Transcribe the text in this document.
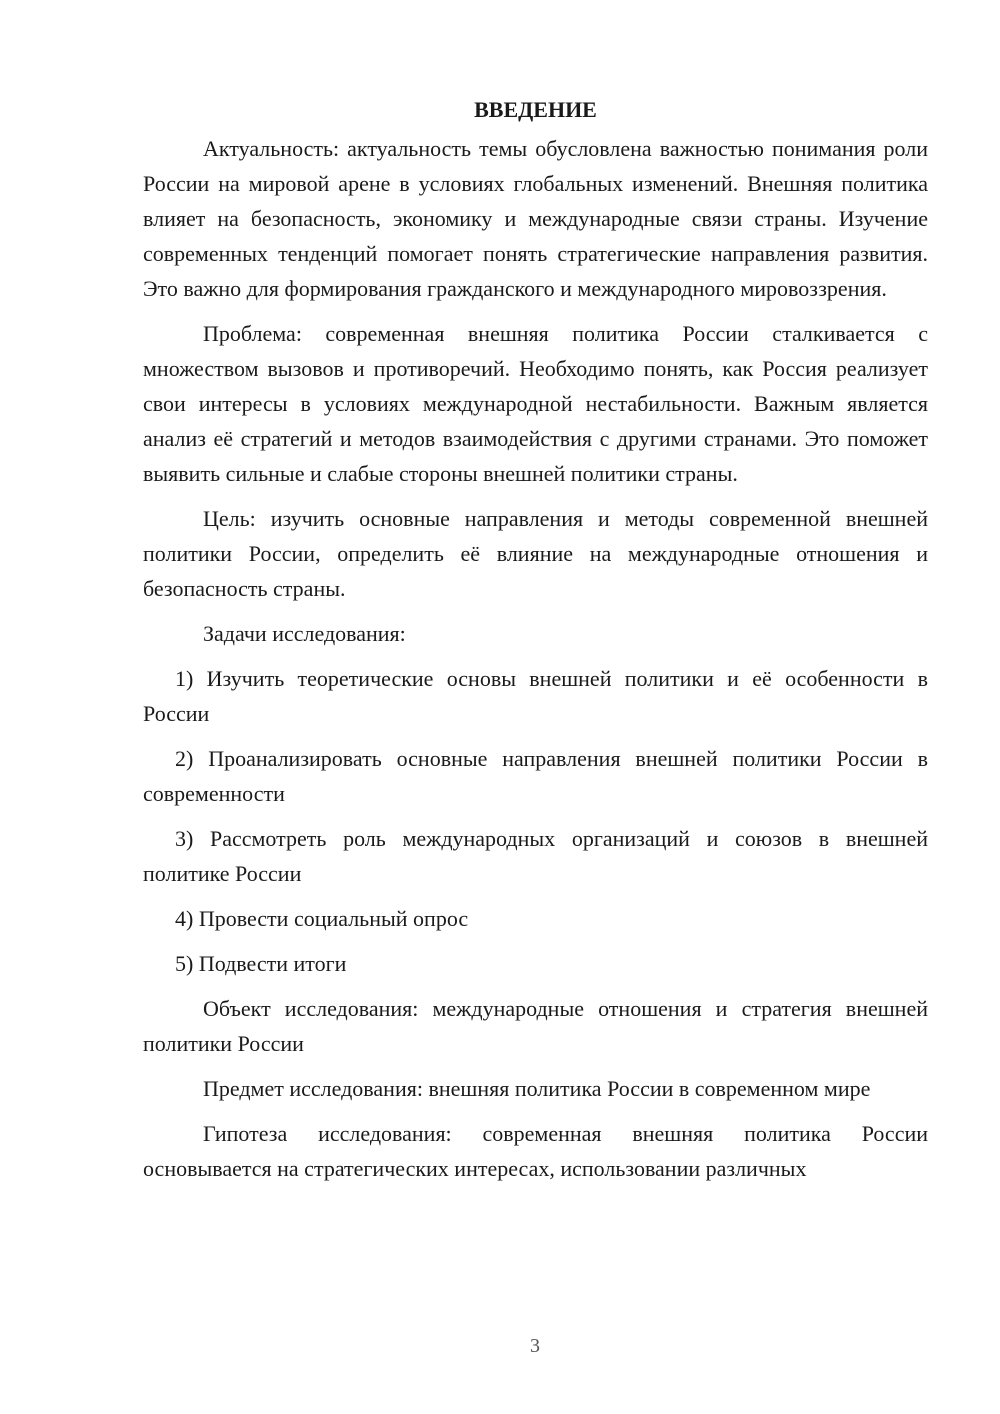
ВВЕДЕНИЕ

Актуальность: актуальность темы обусловлена важностью понимания роли России на мировой арене в условиях глобальных изменений. Внешняя политика влияет на безопасность, экономику и международные связи страны. Изучение современных тенденций помогает понять стратегические направления развития. Это важно для формирования гражданского и международного мировоззрения.

Проблема: современная внешняя политика России сталкивается с множеством вызовов и противоречий. Необходимо понять, как Россия реализует свои интересы в условиях международной нестабильности. Важным является анализ её стратегий и методов взаимодействия с другими странами. Это поможет выявить сильные и слабые стороны внешней политики страны.

Цель: изучить основные направления и методы современной внешней политики России, определить её влияние на международные отношения и безопасность страны.

Задачи исследования:

1) Изучить теоретические основы внешней политики и её особенности в России

2) Проанализировать основные направления внешней политики России в современности

3) Рассмотреть роль международных организаций и союзов в внешней политике России

4) Провести социальный опрос

5) Подвести итоги

Объект исследования: международные отношения и стратегия внешней политики России

Предмет исследования: внешняя политика России в современном мире

Гипотеза исследования: современная внешняя политика России основывается на стратегических интересах, использовании различных

3
